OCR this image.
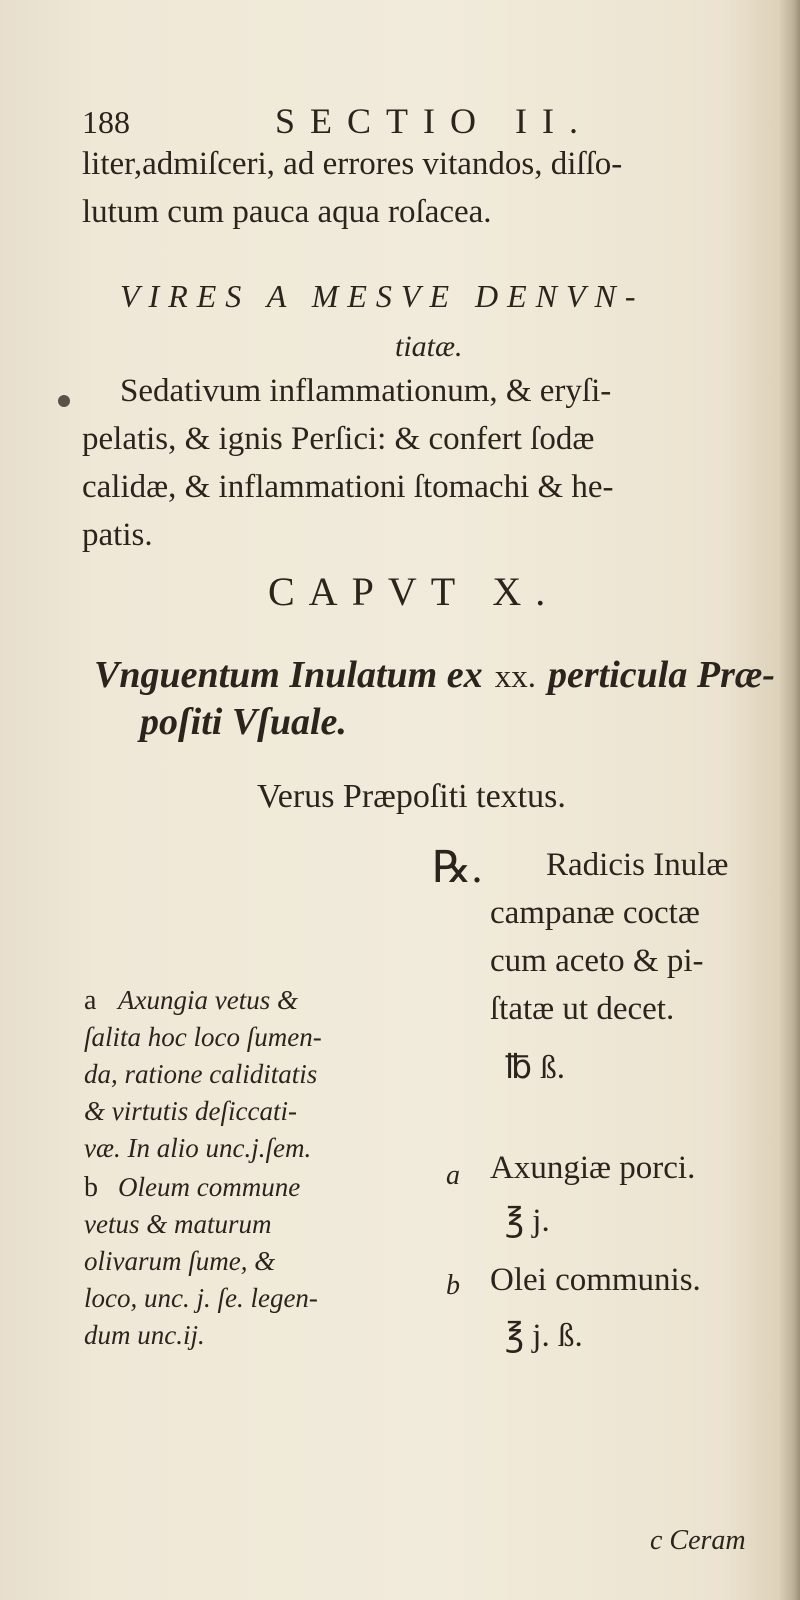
188	SECTIO II.
liter,admiſceri, ad errores vitandos, diſſo-
lutum cum pauca aqua roſacea.
VIRES A MESVE DENVN-
tiatæ.
Sedativum inflammationum, & eryſi-
pelatis, & ignis Perſici: & confert ſodæ
calidæ, & inflammationi ſtomachi & he-
patis.
CAPVT X.
Vnguentum Inulatum ex xx. perticula Præ-
poſiti Vſuale.
Verus Præpoſiti textus.
℞. Radicis Inulæ
campanæ coctæ
cum aceto & pi-
ſtatæ ut decet.
℔ ß.
a Axungiæ porci.
℥ j.
b Olei communis.
℥ j. ß.
a Axungia vetus &
ſalita hoc loco ſumen-
da, ratione caliditatis
& virtutis deſiccati-
væ. In alio unc.j.ſem.
b Oleum commune
vetus & maturum
olivarum ſume, &
loco, unc. j. ſe. legen-
dum unc.ij.
c Ceram
